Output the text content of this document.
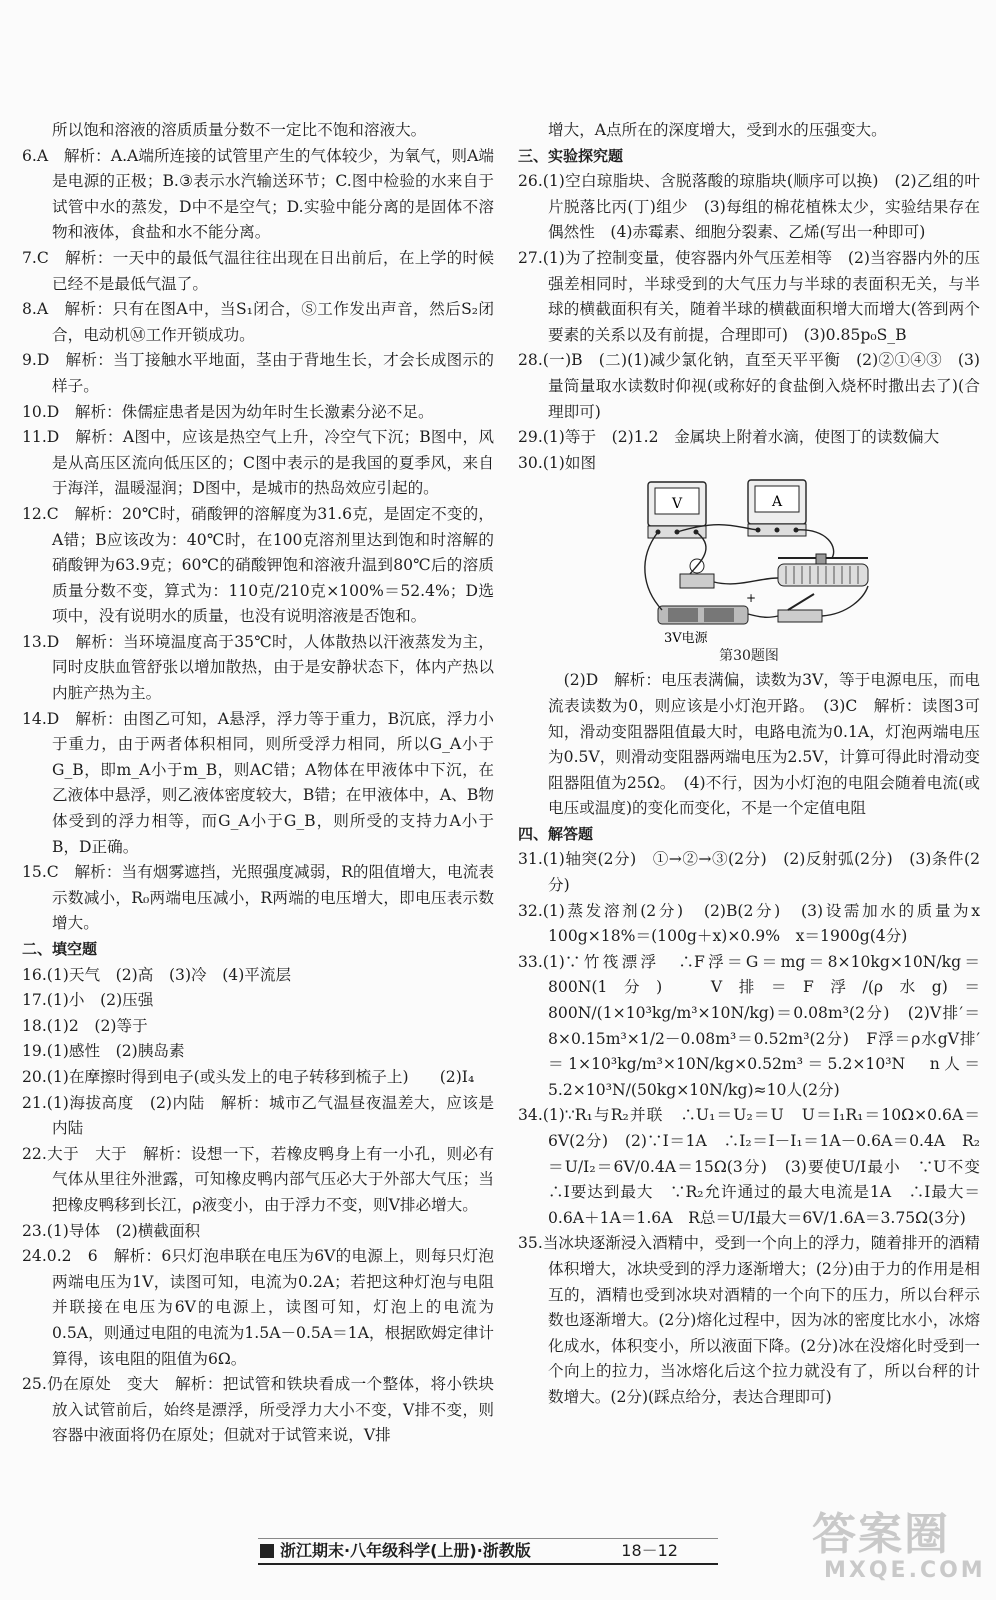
所以饱和溶液的溶质质量分数不一定比不饱和溶液大。

6.A　解析：A.A端所连接的试管里产生的气体较少，为氧气，则A端是电源的正极；B.③表示水汽输送环节；C.图中检验的水来自于试管中水的蒸发，D中不是空气；D.实验中能分离的是固体不溶物和液体，食盐和水不能分离。

7.C　解析：一天中的最低气温往往出现在日出前后，在上学的时候已经不是最低气温了。

8.A　解析：只有在图A中，当S₁闭合，Ⓢ工作发出声音，然后S₂闭合，电动机Ⓜ工作开锁成功。

9.D　解析：当丁接触水平地面，茎由于背地生长，才会长成图示的样子。

10.D　解析：侏儒症患者是因为幼年时生长激素分泌不足。

11.D　解析：A图中，应该是热空气上升，冷空气下沉；B图中，风是从高压区流向低压区的；C图中表示的是我国的夏季风，来自于海洋，温暖湿润；D图中，是城市的热岛效应引起的。

12.C　解析：20℃时，硝酸钾的溶解度为31.6克，是固定不变的，A错；B应该改为：40℃时，在100克溶剂里达到饱和时溶解的硝酸钾为63.9克；60℃的硝酸钾饱和溶液升温到80℃后的溶质质量分数不变，算式为：110克/210克×100%＝52.4%；D选项中，没有说明水的质量，也没有说明溶液是否饱和。

13.D　解析：当环境温度高于35℃时，人体散热以汗液蒸发为主，同时皮肤血管舒张以增加散热，由于是安静状态下，体内产热以内脏产热为主。

14.D　解析：由图乙可知，A悬浮，浮力等于重力，B沉底，浮力小于重力，由于两者体积相同，则所受浮力相同，所以G_A小于G_B，即m_A小于m_B，则AC错；A物体在甲液体中下沉，在乙液体中悬浮，则乙液体密度较大，B错；在甲液体中，A、B物体受到的浮力相等，而G_A小于G_B，则所受的支持力A小于B，D正确。

15.C　解析：当有烟雾遮挡，光照强度减弱，R的阻值增大，电流表示数减小，R₀两端电压减小，R两端的电压增大，即电压表示数增大。

二、填空题

16.(1)天气　(2)高　(3)冷　(4)平流层

17.(1)小　(2)压强

18.(1)2　(2)等于

19.(1)感性　(2)胰岛素

20.(1)在摩擦时得到电子(或头发上的电子转移到梳子上)　　(2)I₄

21.(1)海拔高度　(2)内陆　解析：城市乙气温昼夜温差大，应该是内陆

22.大于　大于　解析：设想一下，若橡皮鸭身上有一小孔，则必有气体从里往外泄露，可知橡皮鸭内部气压必大于外部大气压；当把橡皮鸭移到长江，ρ液变小，由于浮力不变，则V排必增大。

23.(1)导体　(2)横截面积

24.0.2　6　解析：6只灯泡串联在电压为6V的电源上，则每只灯泡两端电压为1V，读图可知，电流为0.2A；若把这种灯泡与电阻并联接在电压为6V的电源上，读图可知，灯泡上的电流为0.5A，则通过电阻的电流为1.5A－0.5A＝1A，根据欧姆定律计算得，该电阻的阻值为6Ω。

25.仍在原处　变大　解析：把试管和铁块看成一个整体，将小铁块放入试管前后，始终是漂浮，所受浮力大小不变，V排不变，则容器中液面将仍在原处；但就对于试管来说，V排

增大，A点所在的深度增大，受到水的压强变大。

三、实验探究题

26.(1)空白琼脂块、含脱落酸的琼脂块(顺序可以换)　(2)乙组的叶片脱落比丙(丁)组少　(3)每组的棉花植株太少，实验结果存在偶然性　(4)赤霉素、细胞分裂素、乙烯(写出一种即可)

27.(1)为了控制变量，使容器内外气压差相等　(2)当容器内外的压强差相同时，半球受到的大气压力与半球的表面积无关，与半球的横截面积有关，随着半球的横截面积增大而增大(答到两个要素的关系以及有前提，合理即可)　(3)0.85p₀S_B

28.(一)B　(二)(1)减少氯化钠，直至天平平衡　(2)②①④③　(3)量筒量取水读数时仰视(或称好的食盐倒入烧杯时撒出去了)(合理即可)

29.(1)等于　(2)1.2　金属块上附着水滴，使图丁的读数偏大

30.(1)如图

V	A
+
3V电源
第30题图

　(2)D　解析：电压表满偏，读数为3V，等于电源电压，而电流表读数为0，则应该是小灯泡开路。　(3)C　解析：读图3可知，滑动变阻器阻值最大时，电路电流为0.1A，灯泡两端电压为0.5V，则滑动变阻器两端电压为2.5V，计算可得此时滑动变阻器阻值为25Ω。　(4)不行，因为小灯泡的电阻会随着电流(或电压或温度)的变化而变化，不是一个定值电阻

四、解答题

31.(1)轴突(2分)　①→②→③(2分)　(2)反射弧(2分)　(3)条件(2分)

32.(1)蒸发溶剂(2分)　(2)B(2分)　(3)设需加水的质量为x　100g×18%＝(100g＋x)×0.9%　x＝1900g(4分)

33.(1)∵竹筏漂浮　∴F浮＝G＝mg＝8×10kg×10N/kg＝800N(1分)　V排＝F浮/(ρ水g)＝800N/(1×10³kg/m³×10N/kg)＝0.08m³(2分)　(2)V排′＝8×0.15m³×1/2－0.08m³＝0.52m³(2分)　F浮＝ρ水gV排′＝1×10³kg/m³×10N/kg×0.52m³＝5.2×10³N　n人＝5.2×10³N/(50kg×10N/kg)≈10人(2分)

34.(1)∵R₁与R₂并联　∴U₁＝U₂＝U　U＝I₁R₁＝10Ω×0.6A＝6V(2分)　(2)∵I＝1A　∴I₂＝I－I₁＝1A－0.6A＝0.4A　R₂＝U/I₂＝6V/0.4A＝15Ω(3分)　(3)要使U/I最小　∵U不变　∴I要达到最大　∵R₂允许通过的最大电流是1A　∴I最大＝0.6A＋1A＝1.6A　R总＝U/I最大＝6V/1.6A＝3.75Ω(3分)

35.当冰块逐渐浸入酒精中，受到一个向上的浮力，随着排开的酒精体积增大，冰块受到的浮力逐渐增大；(2分)由于力的作用是相互的，酒精也受到冰块对酒精的一个向下的压力，所以台秤示数也逐渐增大。(2分)熔化过程中，因为冰的密度比水小，冰熔化成水，体积变小，所以液面下降。(2分)冰在没熔化时受到一个向上的拉力，当冰熔化后这个拉力就没有了，所以台秤的计数增大。(2分)(踩点给分，表达合理即可)

浙江期末·八年级科学(上册)·浙教版	18－12	答案圈
MXQE.COM
